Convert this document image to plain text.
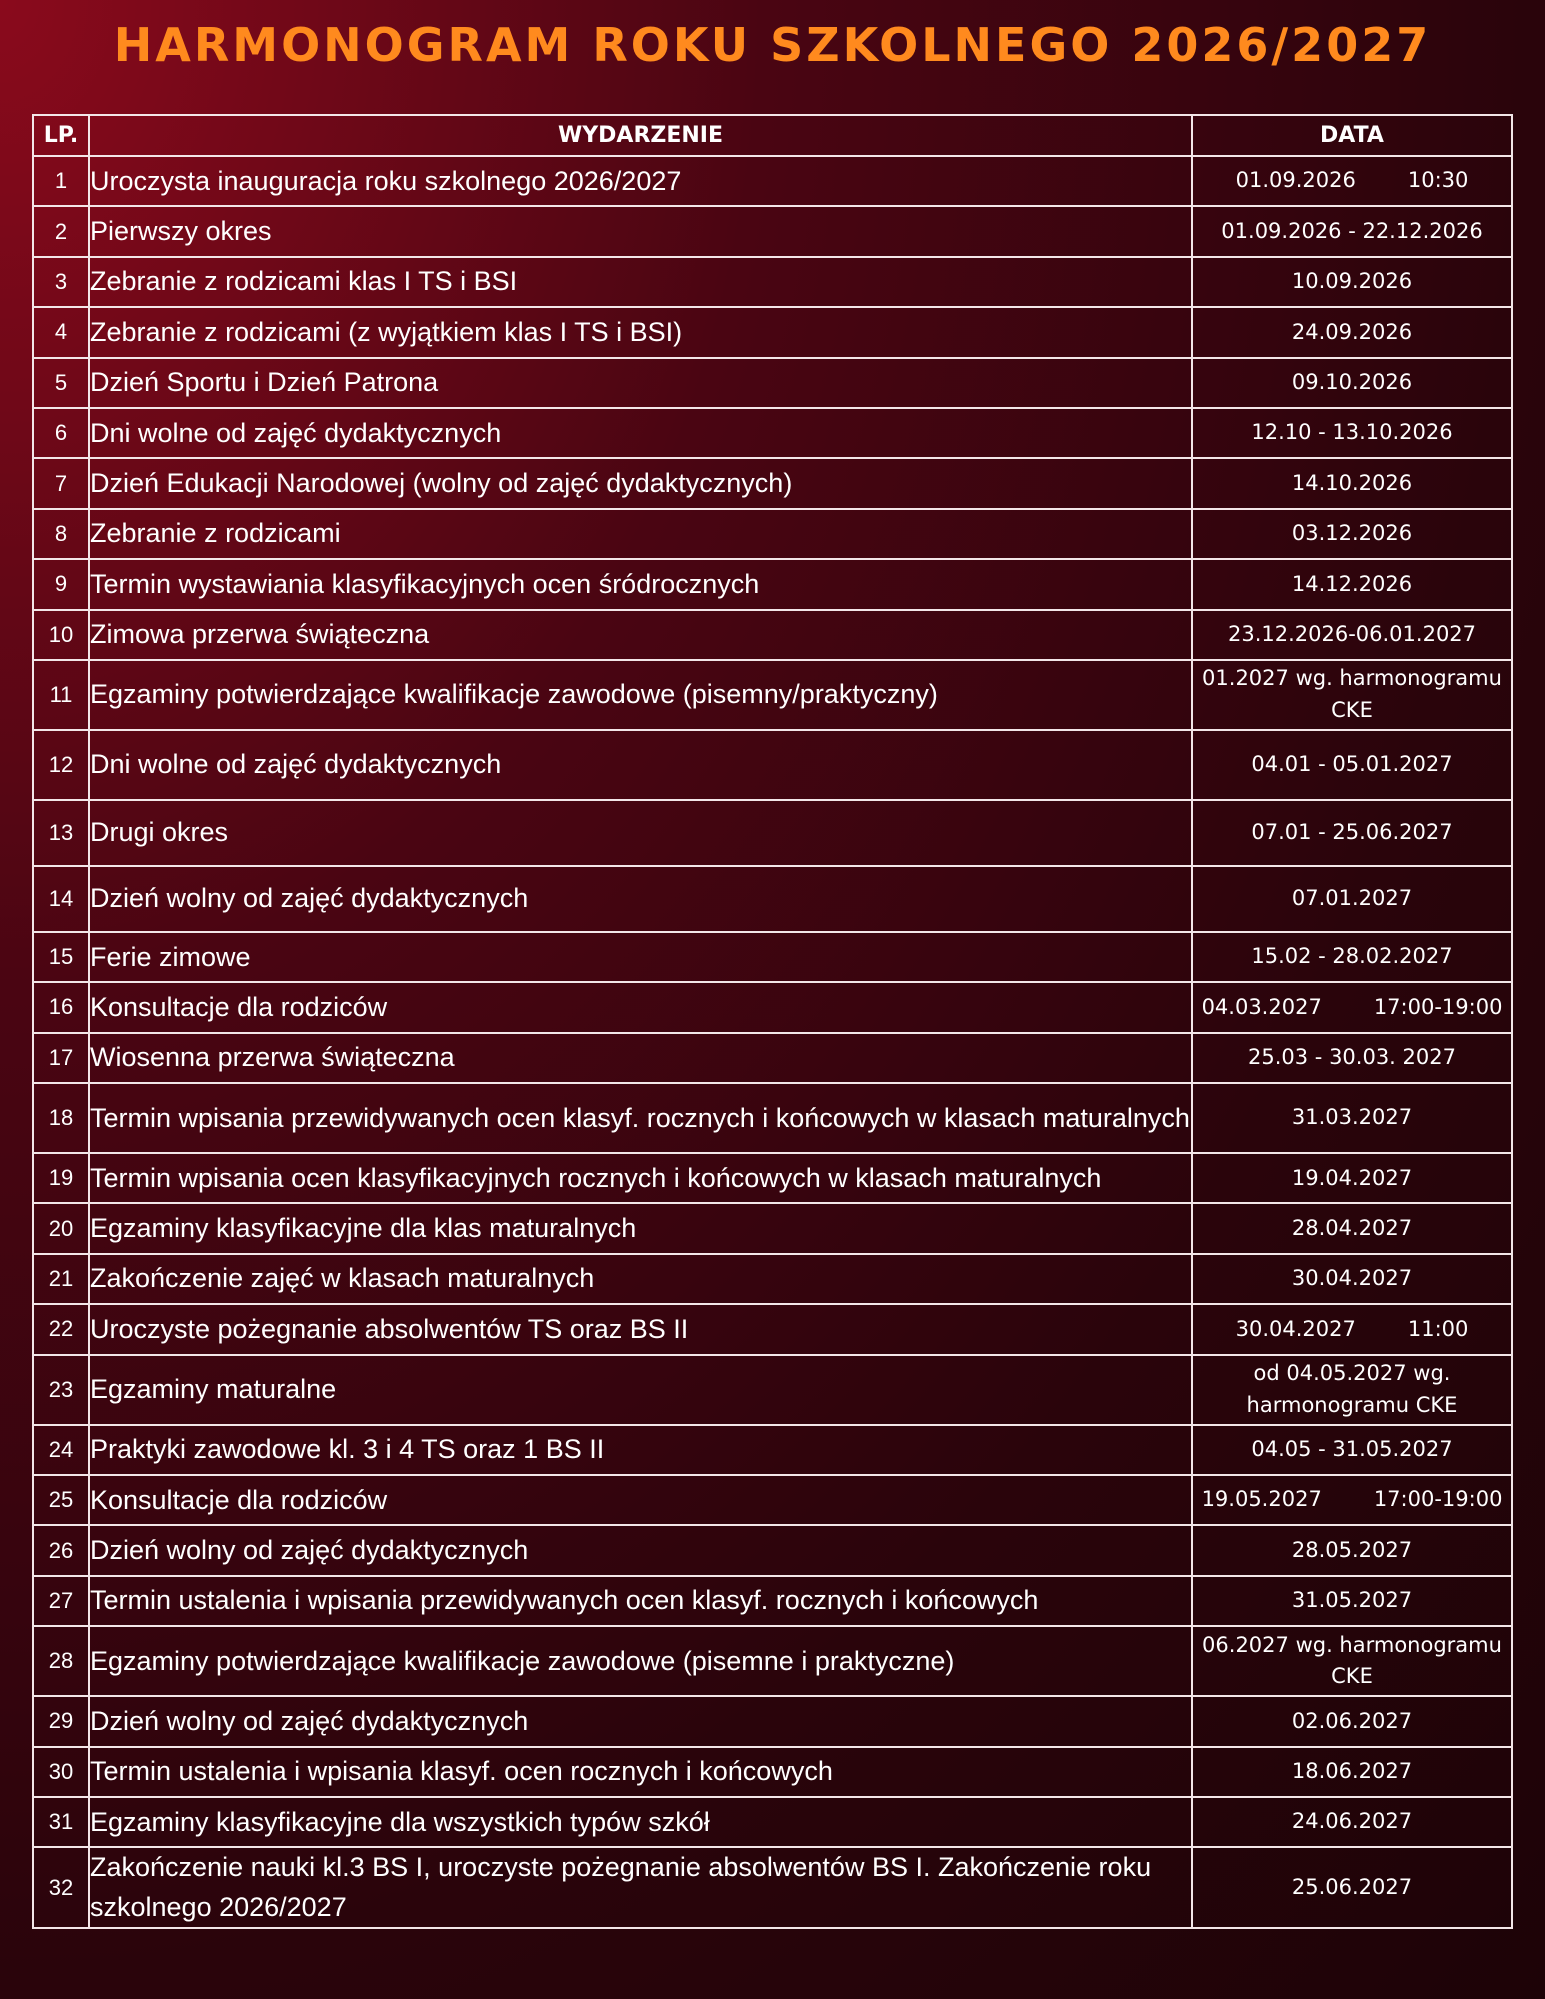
HARMONOGRAM ROKU SZKOLNEGO 2026/2027
LP.	WYDARZENIE	DATA
1	Uroczysta inauguracja roku szkolnego 2026/2027	01.09.2026 10:30
2	Pierwszy okres	01.09.2026 - 22.12.2026
3	Zebranie z rodzicami klas I TS i BSI	10.09.2026
4	Zebranie z rodzicami (z wyjątkiem klas I TS i BSI)	24.09.2026
5	Dzień Sportu i Dzień Patrona	09.10.2026
6	Dni wolne od zajęć dydaktycznych	12.10 - 13.10.2026
7	Dzień Edukacji Narodowej (wolny od zajęć dydaktycznych)	14.10.2026
8	Zebranie z rodzicami	03.12.2026
9	Termin wystawiania klasyfikacyjnych ocen śródrocznych	14.12.2026
10	Zimowa przerwa świąteczna	23.12.2026-06.01.2027
11	Egzaminy potwierdzające kwalifikacje zawodowe (pisemny/praktyczny)	01.2027 wg. harmonogramu CKE
12	Dni wolne od zajęć dydaktycznych	04.01 - 05.01.2027
13	Drugi okres	07.01 - 25.06.2027
14	Dzień wolny od zajęć dydaktycznych	07.01.2027
15	Ferie zimowe	15.02 - 28.02.2027
16	Konsultacje dla rodziców	04.03.2027 17:00-19:00
17	Wiosenna przerwa świąteczna	25.03 - 30.03. 2027
18	Termin wpisania przewidywanych ocen klasyf. rocznych i końcowych w klasach maturalnych	31.03.2027
19	Termin wpisania ocen klasyfikacyjnych rocznych i końcowych w klasach maturalnych	19.04.2027
20	Egzaminy klasyfikacyjne dla klas maturalnych	28.04.2027
21	Zakończenie zajęć w klasach maturalnych	30.04.2027
22	Uroczyste pożegnanie absolwentów TS oraz BS II	30.04.2027 11:00
23	Egzaminy maturalne	od 04.05.2027 wg. harmonogramu CKE
24	Praktyki zawodowe kl. 3 i 4 TS oraz 1 BS II	04.05 - 31.05.2027
25	Konsultacje dla rodziców	19.05.2027 17:00-19:00
26	Dzień wolny od zajęć dydaktycznych	28.05.2027
27	Termin ustalenia i wpisania przewidywanych ocen klasyf. rocznych i końcowych	31.05.2027
28	Egzaminy potwierdzające kwalifikacje zawodowe (pisemne i praktyczne)	06.2027 wg. harmonogramu CKE
29	Dzień wolny od zajęć dydaktycznych	02.06.2027
30	Termin ustalenia i wpisania klasyf. ocen rocznych i końcowych	18.06.2027
31	Egzaminy klasyfikacyjne dla wszystkich typów szkół	24.06.2027
32	Zakończenie nauki kl.3 BS I, uroczyste pożegnanie absolwentów BS I. Zakończenie roku szkolnego 2026/2027	25.06.2027
